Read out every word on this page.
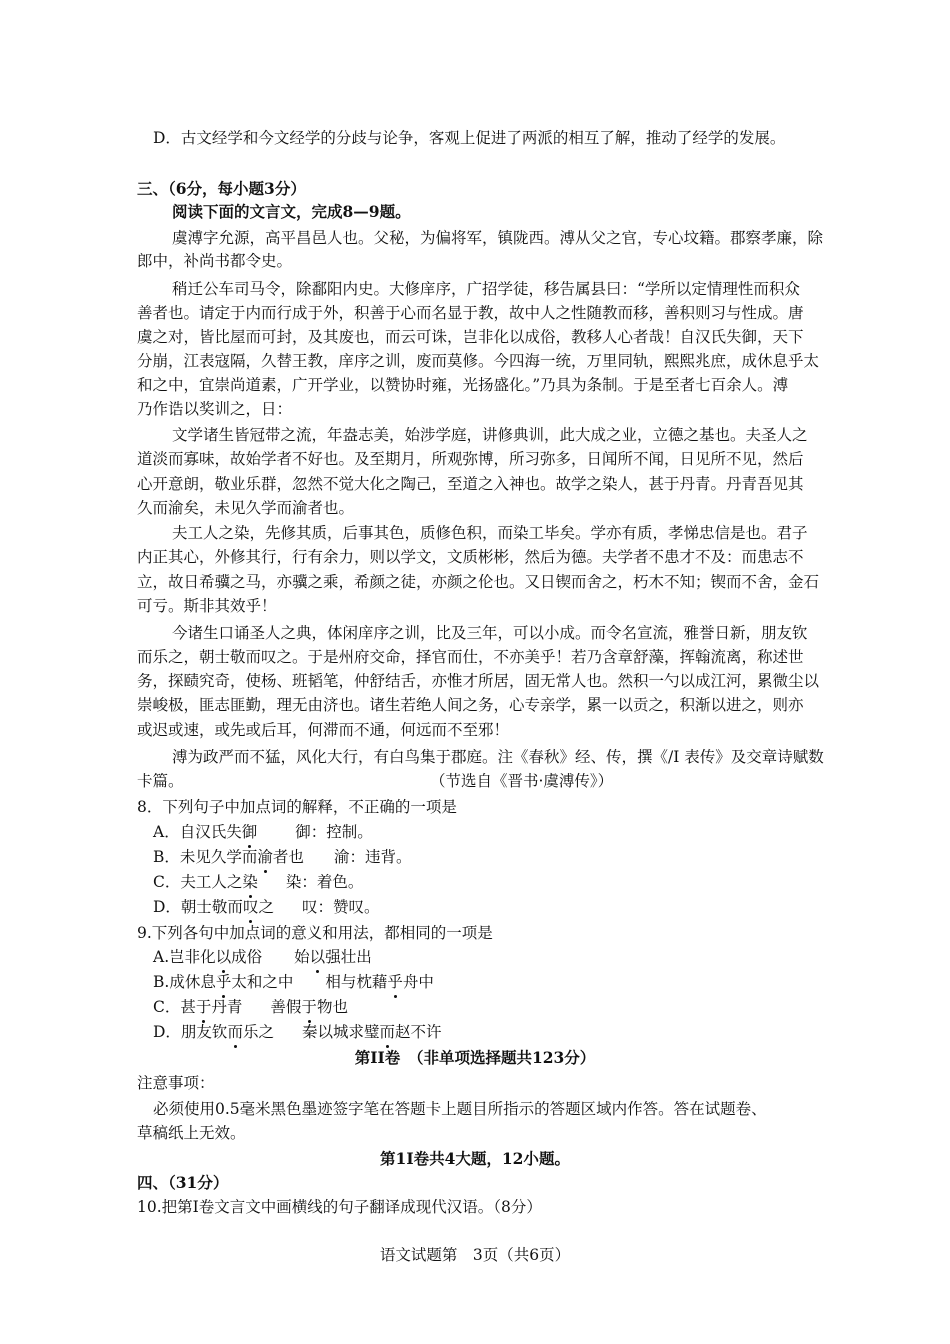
D．古文经学和今文经学的分歧与论争，客观上促进了两派的相互了解，推动了经学的发展。
三、（6分，每小题3分）
阅读下面的文言文，完成8—9题。
虞溥字允源，高平昌邑人也。父秘，为偏将军，镇陇西。溥从父之官，专心坟籍。郡察孝廉，除
郎中，补尚书都令史。
稍迁公车司马令，除鄱阳内史。大修庠序，广招学徒，移告属县曰：“学所以定情理性而积众
善者也。请定于内而行成于外，积善于心而名显于教，故中人之性随教而移，善积则习与性成。唐
虞之对，皆比屋而可封，及其废也，而云可诛，岂非化以成俗，教移人心者哉！自汉氏失御，天下
分崩，江表寇隔，久替王教，庠序之训，废而莫修。今四海一统，万里同轨，熙熙兆庶，成休息乎太
和之中，宜崇尚道素，广开学业，以赞协时雍，光扬盛化。”乃具为条制。于是至者七百余人。溥
乃作诰以奖训之，日：
文学诸生皆冠带之流，年盎志美，始涉学庭，讲修典训，此大成之业，立德之基也。夫圣人之
道淡而寡味，故始学者不好也。及至期月，所观弥博，所习弥多，日闻所不闻，日见所不见，然后
心开意朗，敬业乐群，忽然不觉大化之陶己，至道之入神也。故学之染人，甚于丹青。丹青吾见其
久而渝矣，未见久学而渝者也。
夫工人之染，先修其质，后事其色，质修色积，而染工毕矣。学亦有质，孝悌忠信是也。君子
内正其心，外修其行，行有余力，则以学文，文质彬彬，然后为德。夫学者不患才不及：而患志不
立，故日希骥之马，亦骥之乘，希颜之徒，亦颜之伦也。又日锲而舍之，朽木不知；锲而不舍，金石
可亏。斯非其效乎！
今诸生口诵圣人之典，体闲庠序之训，比及三年，可以小成。而令名宣流，雅誉日新，朋友钦
而乐之，朝士敬而叹之。于是州府交命，择官而仕，不亦美乎！若乃含章舒藻，挥翰流离，称述世
务，探赜究奇，使杨、班韬笔，仲舒结舌，亦惟才所居，固无常人也。然积一勺以成江河，累微尘以
崇峻极，匪志匪勤，理无由济也。诸生若绝人间之务，心专亲学，累一以贡之，积渐以进之，则亦
或迟或速，或先或后耳，何滞而不通，何远而不至邪！
溥为政严而不猛，风化大行，有白鸟集于郡庭。注《春秋》经、传，撰《/I 表传》及交章诗赋数
卡篇。	（节选自《晋书·虞溥传》）
8．下列句子中加点词的解释，不正确的一项是
A．自汉氏失御 御：控制。
B．未见久学而渝者也 渝：违背。
C．夫工人之染 染：着色。
D．朝士敬而叹之 叹：赞叹。
9.下列各句中加点词的意义和用法，都相同的一项是
A.岂非化以成俗 始以强壮出
B.成休息乎太和之中 相与枕藉乎舟中
C．甚于丹青 善假于物也
D．朋友钦而乐之 秦以城求璧而赵不许
第II卷　（非单项选择题共123分）
注意事项：
必须使用0.5毫米黑色墨迹签字笔在答题卡上题目所指示的答题区域内作答。答在试题卷、
草稿纸上无效。
第1I卷共4大题，12小题。
四、（31分）
10.把第Ⅰ卷文言文中画横线的句子翻译成现代汉语。（8分）
语文试题第　3页（共6页）
